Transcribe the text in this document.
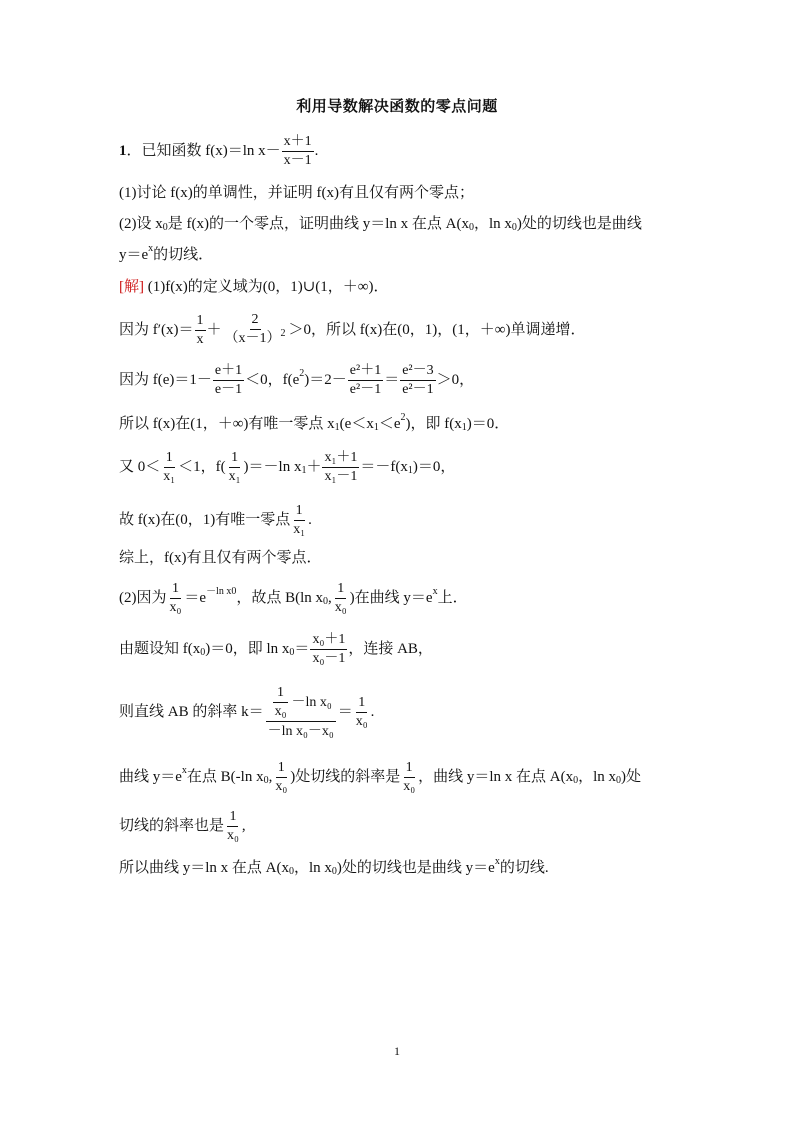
利用导数解决函数的零点问题
1 ．已知函数 f(x)＝ln $x- \frac{x+1}{x-1}$ .
(1)讨论 f(x)的单调性，并证明 f(x)有且仅有两个零点；
(2)设 x 0 是 f(x)的一个零点，证明曲线 y＝ln x 在点 A(x 0 ，ln x 0 )处的切线也是曲线
y＝e x 的切线．
[解]
(1)f(x)的定义域为(0，1)∪(1，＋∞)．
因为 $f'(x)= \frac{1}{x} + \frac{2}{(x-1)^2} >0$，所以 f(x)在(0，1)，(1，＋∞)单调递增．
因为 $f(e)=1- \frac{e+1}{e-1} <0$，f(e 2 )$=2- \frac{\text{e²＋1}}{\text{e²－1}} = \frac{\text{e²－3}}{\text{e²－1}} >0$，
所以 f(x)在(1，＋∞)有唯一零点 x 1 (e＜x 1 ＜e 2 )，即 f(x 1 )＝0．
又 $0< \frac{1}{\text{x₁}} <1$，$f( \frac{1}{\text{x₁}} )=-\ln$ x $1 + \frac{\text{x₁＋1}}{\text{x₁－1}} =-f(x$ 1 )＝0，
故 f(x)在(0，1)有唯一零点 $\frac{1}{\text{x₁}}$ .
综上，f(x)有且仅有两个零点．
(2)因为 $\frac{1}{\text{x₀}} =e -\ln$ x0 ，故点 B(ln x 0 , $\frac{1}{\text{x₀}}$ )在曲线 y＝e x 上．
由题设知 f(x 0 )＝0，即 ln x $0 = \frac{\text{x₀＋1}}{\text{x₀－1}}$ ，连接 AB，
则直线 AB 的斜率 $k= \frac{\frac{1}{\text{x₀}} -\ln x_0}{\text{－ln x₀－x₀}} = \frac{1}{\text{x₀}}$ .
曲线 y＝e x 在点 B(-ln x 0 , $\frac{1}{\text{x₀}}$ )处切线的斜率是 $\frac{1}{\text{x₀}}$ ，曲线 y＝ln x 在点 A(x 0 ，ln x 0 )处
切线的斜率也是 $\frac{1}{\text{x₀}}$ ,
所以曲线 y＝ln x 在点 A(x 0 ，ln x 0 )处的切线也是曲线 y＝e x 的切线.
1
